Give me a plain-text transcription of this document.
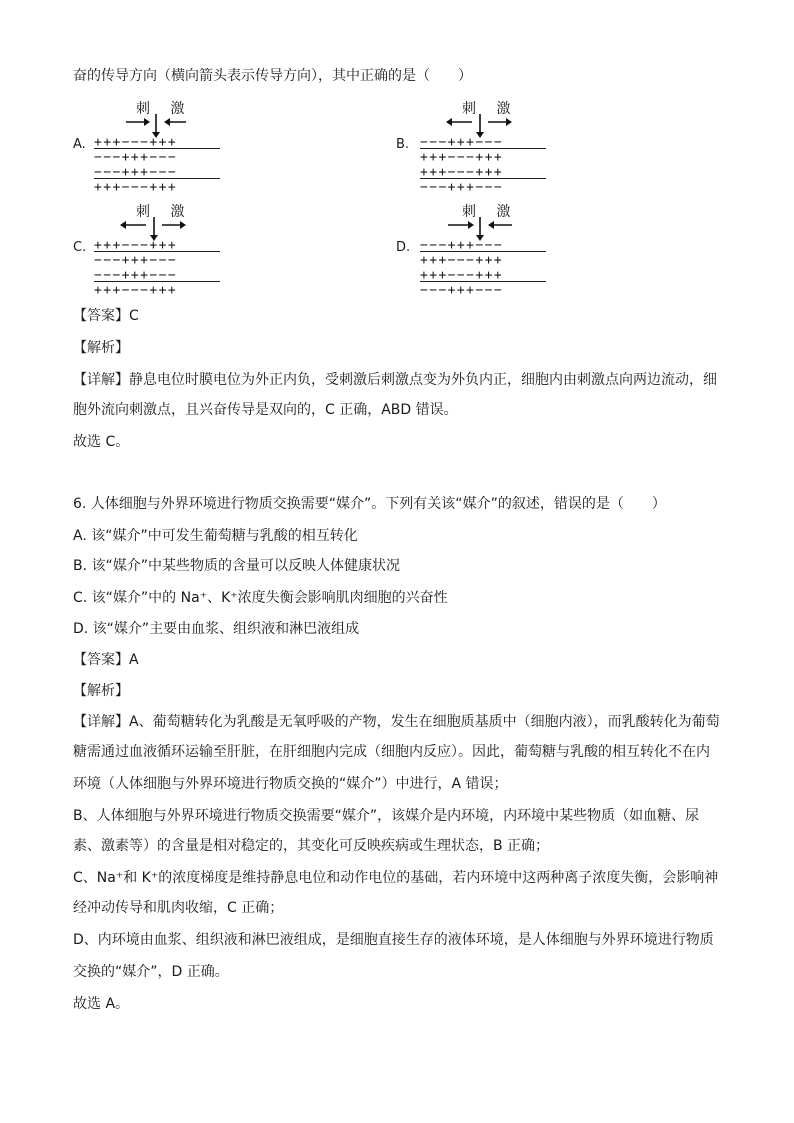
奋的传导方向（横向箭头表示传导方向），其中正确的是（　　）
A.
刺 激
+++−−−+++
−−−+++−−−
−−−+++−−−
+++−−−+++
B.
刺 激
−−−+++−−−
+++−−−+++
+++−−−+++
−−−+++−−−
C.
刺 激
+++−−−+++
−−−+++−−−
−−−+++−−−
+++−−−+++
D.
刺 激
−−−+++−−−
+++−−−+++
+++−−−+++
−−−+++−−−
【答案】C
【解析】
【详解】静息电位时膜电位为外正内负，受刺激后刺激点变为外负内正，细胞内由刺激点向两边流动，细
胞外流向刺激点，且兴奋传导是双向的，C 正确，ABD 错误。
故选 C。
6. 人体细胞与外界环境进行物质交换需要“媒介”。下列有关该“媒介”的叙述，错误的是（　　）
A. 该“媒介”中可发生葡萄糖与乳酸的相互转化
B. 该“媒介”中某些物质的含量可以反映人体健康状况
C. 该“媒介”中的 Na⁺、K⁺浓度失衡会影响肌肉细胞的兴奋性
D. 该“媒介”主要由血浆、组织液和淋巴液组成
【答案】A
【解析】
【详解】A、葡萄糖转化为乳酸是无氧呼吸的产物，发生在细胞质基质中（细胞内液），而乳酸转化为葡萄
糖需通过血液循环运输至肝脏，在肝细胞内完成（细胞内反应）。因此，葡萄糖与乳酸的相互转化不在内
环境（人体细胞与外界环境进行物质交换的“媒介”）中进行，A 错误；
B、人体细胞与外界环境进行物质交换需要“媒介”，该媒介是内环境，内环境中某些物质（如血糖、尿
素、激素等）的含量是相对稳定的，其变化可反映疾病或生理状态，B 正确；
C、Na⁺和 K⁺的浓度梯度是维持静息电位和动作电位的基础，若内环境中这两种离子浓度失衡，会影响神
经冲动传导和肌肉收缩，C 正确；
D、内环境由血浆、组织液和淋巴液组成，是细胞直接生存的液体环境，是人体细胞与外界环境进行物质
交换的“媒介”，D 正确。
故选 A。
